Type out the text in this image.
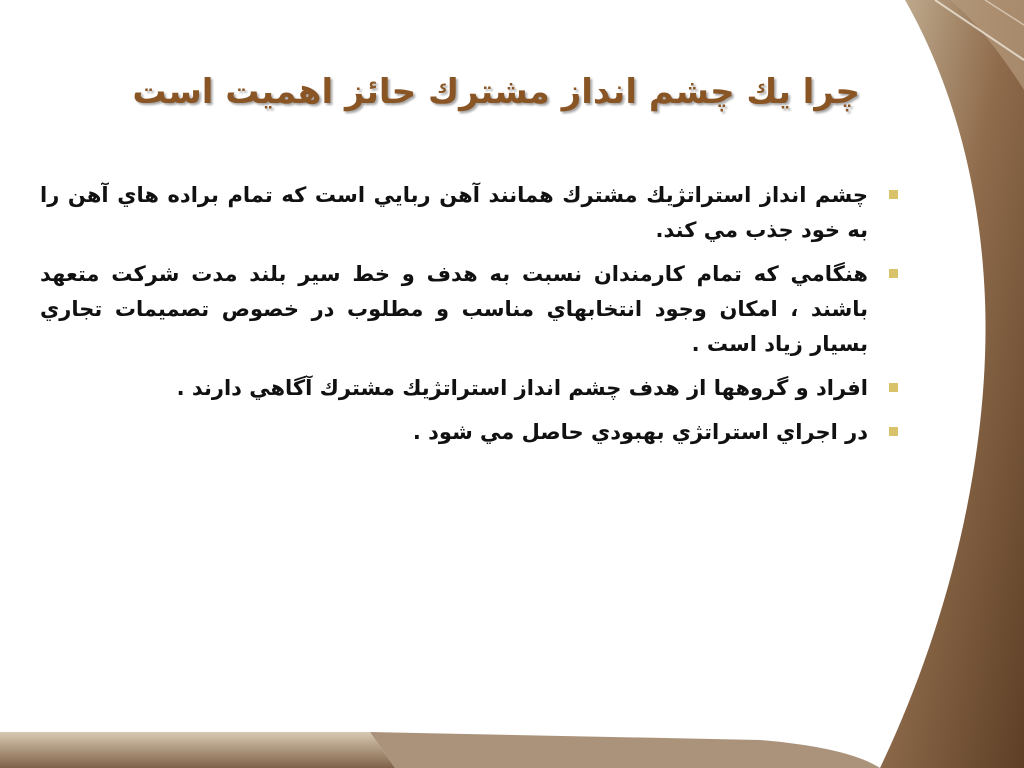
چرا يك چشم انداز مشترك حائز اهميت است
چشم انداز استراتژيك مشترك همانند آهن ربايي است كه تمام براده هاي آهن را به خود جذب مي كند.
هنگامي كه تمام كارمندان نسبت به هدف و خط سير بلند مدت شركت متعهد باشند ، امكان وجود انتخابهاي مناسب و مطلوب در خصوص تصميمات تجاري بسيار زياد است .
افراد و گروهها از هدف چشم انداز استراتژيك مشترك آگاهي دارند .
در اجراي استراتژي بهبودي حاصل مي شود .
